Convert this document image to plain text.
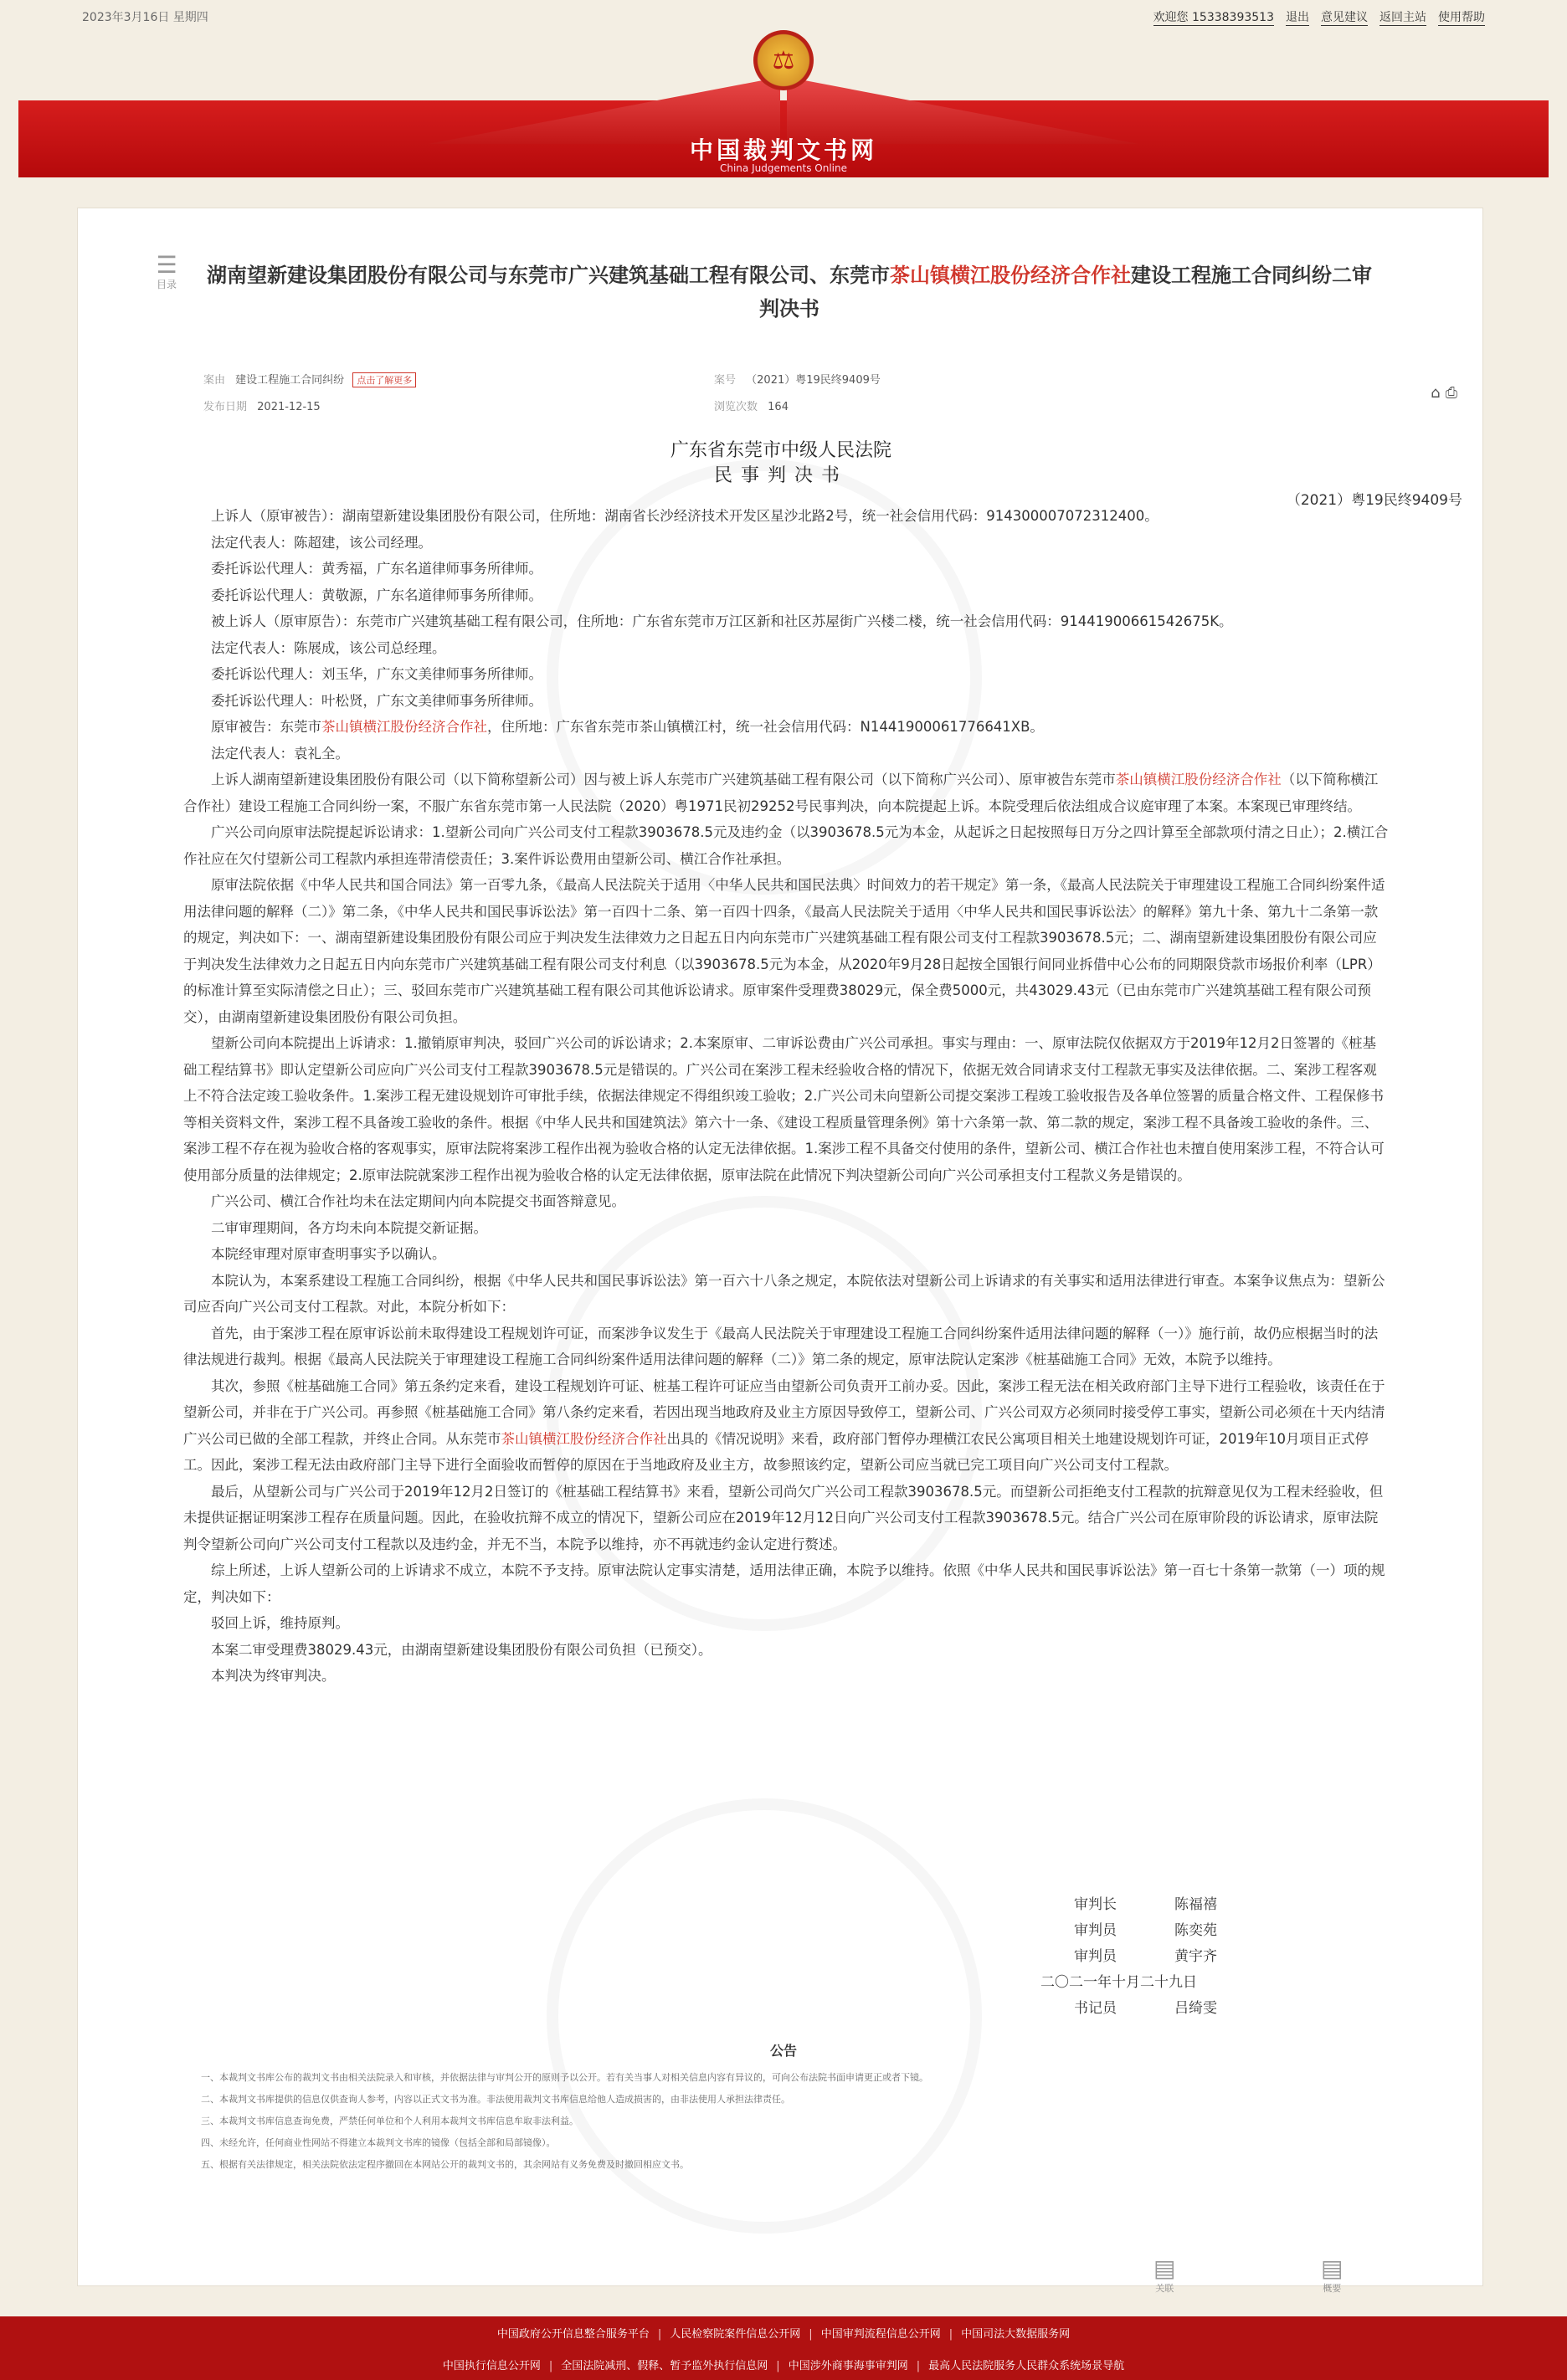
2023年3月16日 星期四	欢迎您 15338393513 退出 意见建议 返回主站 使用帮助
⚖
中国裁判文书网
China Judgements Online
☰
目录	湖南望新建设集团股份有限公司与东莞市广兴建筑基础工程有限公司、东莞市茶山镇横江股份经济合作社建设工程施工合同纠纷二审判决书
案由 建设工程施工合同纠纷 点击了解更多
发布日期 2021-12-15
案号 （2021）粤19民终9409号
浏览次数 164
⌂ ⎙
广东省东莞市中级人民法院
民事判决书
（2021）粤19民终9409号

上诉人（原审被告）：湖南望新建设集团股份有限公司，住所地：湖南省长沙经济技术开发区星沙北路2号，统一社会信用代码：914300007072312400。

法定代表人：陈超建，该公司经理。

委托诉讼代理人：黄秀福，广东名道律师事务所律师。

委托诉讼代理人：黄敬源，广东名道律师事务所律师。

被上诉人（原审原告）：东莞市广兴建筑基础工程有限公司，住所地：广东省东莞市万江区新和社区苏屋街广兴楼二楼，统一社会信用代码：91441900661542675K。

法定代表人：陈展成，该公司总经理。

委托诉讼代理人：刘玉华，广东文美律师事务所律师。

委托诉讼代理人：叶松贤，广东文美律师事务所律师。

原审被告：东莞市茶山镇横江股份经济合作社，住所地：广东省东莞市茶山镇横江村，统一社会信用代码：N1441900061776641XB。

法定代表人：袁礼全。

上诉人湖南望新建设集团股份有限公司（以下简称望新公司）因与被上诉人东莞市广兴建筑基础工程有限公司（以下简称广兴公司）、原审被告东莞市茶山镇横江股份经济合作社（以下简称横江合作社）建设工程施工合同纠纷一案，不服广东省东莞市第一人民法院（2020）粤1971民初29252号民事判决，向本院提起上诉。本院受理后依法组成合议庭审理了本案。本案现已审理终结。

广兴公司向原审法院提起诉讼请求：1.望新公司向广兴公司支付工程款3903678.5元及违约金（以3903678.5元为本金，从起诉之日起按照每日万分之四计算至全部款项付清之日止）；2.横江合作社应在欠付望新公司工程款内承担连带清偿责任；3.案件诉讼费用由望新公司、横江合作社承担。

原审法院依据《中华人民共和国合同法》第一百零九条，《最高人民法院关于适用〈中华人民共和国民法典〉时间效力的若干规定》第一条，《最高人民法院关于审理建设工程施工合同纠纷案件适用法律问题的解释（二）》第二条，《中华人民共和国民事诉讼法》第一百四十二条、第一百四十四条，《最高人民法院关于适用〈中华人民共和国民事诉讼法〉的解释》第九十条、第九十二条第一款的规定，判决如下：一、湖南望新建设集团股份有限公司应于判决发生法律效力之日起五日内向东莞市广兴建筑基础工程有限公司支付工程款3903678.5元；二、湖南望新建设集团股份有限公司应于判决发生法律效力之日起五日内向东莞市广兴建筑基础工程有限公司支付利息（以3903678.5元为本金，从2020年9月28日起按全国银行间同业拆借中心公布的同期限贷款市场报价利率（LPR）的标准计算至实际清偿之日止）；三、驳回东莞市广兴建筑基础工程有限公司其他诉讼请求。原审案件受理费38029元，保全费5000元，共43029.43元（已由东莞市广兴建筑基础工程有限公司预交），由湖南望新建设集团股份有限公司负担。

望新公司向本院提出上诉请求：1.撤销原审判决，驳回广兴公司的诉讼请求；2.本案原审、二审诉讼费由广兴公司承担。事实与理由：一、原审法院仅依据双方于2019年12月2日签署的《桩基础工程结算书》即认定望新公司应向广兴公司支付工程款3903678.5元是错误的。广兴公司在案涉工程未经验收合格的情况下，依据无效合同请求支付工程款无事实及法律依据。二、案涉工程客观上不符合法定竣工验收条件。1.案涉工程无建设规划许可审批手续，依据法律规定不得组织竣工验收；2.广兴公司未向望新公司提交案涉工程竣工验收报告及各单位签署的质量合格文件、工程保修书等相关资料文件，案涉工程不具备竣工验收的条件。根据《中华人民共和国建筑法》第六十一条、《建设工程质量管理条例》第十六条第一款、第二款的规定，案涉工程不具备竣工验收的条件。三、案涉工程不存在视为验收合格的客观事实，原审法院将案涉工程作出视为验收合格的认定无法律依据。1.案涉工程不具备交付使用的条件，望新公司、横江合作社也未擅自使用案涉工程，不符合认可使用部分质量的法律规定；2.原审法院就案涉工程作出视为验收合格的认定无法律依据，原审法院在此情况下判决望新公司向广兴公司承担支付工程款义务是错误的。

广兴公司、横江合作社均未在法定期间内向本院提交书面答辩意见。

二审审理期间，各方均未向本院提交新证据。

本院经审理对原审查明事实予以确认。

本院认为，本案系建设工程施工合同纠纷，根据《中华人民共和国民事诉讼法》第一百六十八条之规定，本院依法对望新公司上诉请求的有关事实和适用法律进行审查。本案争议焦点为：望新公司应否向广兴公司支付工程款。对此，本院分析如下：

首先，由于案涉工程在原审诉讼前未取得建设工程规划许可证，而案涉争议发生于《最高人民法院关于审理建设工程施工合同纠纷案件适用法律问题的解释（一）》施行前，故仍应根据当时的法律法规进行裁判。根据《最高人民法院关于审理建设工程施工合同纠纷案件适用法律问题的解释（二）》第二条的规定，原审法院认定案涉《桩基础施工合同》无效，本院予以维持。

其次，参照《桩基础施工合同》第五条约定来看，建设工程规划许可证、桩基工程许可证应当由望新公司负责开工前办妥。因此，案涉工程无法在相关政府部门主导下进行工程验收，该责任在于望新公司，并非在于广兴公司。再参照《桩基础施工合同》第八条约定来看，若因出现当地政府及业主方原因导致停工，望新公司、广兴公司双方必须同时接受停工事实，望新公司必须在十天内结清广兴公司已做的全部工程款，并终止合同。从东莞市茶山镇横江股份经济合作社出具的《情况说明》来看，政府部门暂停办理横江农民公寓项目相关土地建设规划许可证，2019年10月项目正式停工。因此，案涉工程无法由政府部门主导下进行全面验收而暂停的原因在于当地政府及业主方，故参照该约定，望新公司应当就已完工项目向广兴公司支付工程款。

最后，从望新公司与广兴公司于2019年12月2日签订的《桩基础工程结算书》来看，望新公司尚欠广兴公司工程款3903678.5元。而望新公司拒绝支付工程款的抗辩意见仅为工程未经验收，但未提供证据证明案涉工程存在质量问题。因此，在验收抗辩不成立的情况下，望新公司应在2019年12月12日向广兴公司支付工程款3903678.5元。结合广兴公司在原审阶段的诉讼请求，原审法院判令望新公司向广兴公司支付工程款以及违约金，并无不当，本院予以维持，亦不再就违约金认定进行赘述。

综上所述，上诉人望新公司的上诉请求不成立，本院不予支持。原审法院认定事实清楚，适用法律正确，本院予以维持。依照《中华人民共和国民事诉讼法》第一百七十条第一款第（一）项的规定，判决如下：

驳回上诉，维持原判。

本案二审受理费38029.43元，由湖南望新建设集团股份有限公司负担（已预交）。

本判决为终审判决。

审判长	陈福禧
审判员	陈奕苑
审判员	黄宇齐
二〇二一年十月二十九日
书记员	吕绮雯
公告
一、本裁判文书库公布的裁判文书由相关法院录入和审核，并依据法律与审判公开的原则予以公开。若有关当事人对相关信息内容有异议的，可向公布法院书面申请更正或者下镜。
二、本裁判文书库提供的信息仅供查询人参考，内容以正式文书为准。非法使用裁判文书库信息给他人造成损害的，由非法使用人承担法律责任。
三、本裁判文书库信息查询免费，严禁任何单位和个人利用本裁判文书库信息牟取非法利益。
四、未经允许，任何商业性网站不得建立本裁判文书库的镜像（包括全部和局部镜像）。
五、根据有关法律规定，相关法院依法定程序撤回在本网站公开的裁判文书的，其余网站有义务免费及时撤回相应文书。
▤
关联
▤
概要
中国政府公开信息整合服务平台	| 人民检察院案件信息公开网	| 中国审判流程信息公开网	| 中国司法大数据服务网
中国执行信息公开网	| 全国法院减刑、假释、暂予监外执行信息网	| 中国涉外商事海事审判网	| 最高人民法院服务人民群众系统场景导航
